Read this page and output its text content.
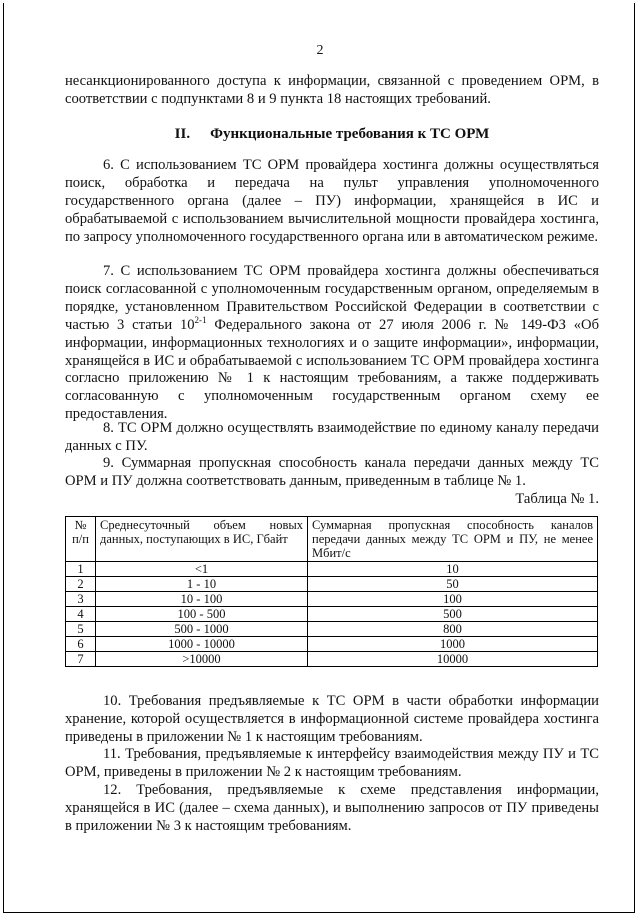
2
несанкционированного доступа к информации, связанной с проведением ОРМ, в соответствии с подпунктами 8 и 9 пункта 18 настоящих требований.
II. Функциональные требования к ТС ОРМ
6. С использованием ТС ОРМ провайдера хостинга должны осуществляться поиск, обработка и передача на пульт управления уполномоченного государственного органа (далее – ПУ) информации, хранящейся в ИС и обрабатываемой с использованием вычислительной мощности провайдера хостинга, по запросу уполномоченного государственного органа или в автоматическом режиме.
7. С использованием ТС ОРМ провайдера хостинга должны обеспечиваться поиск согласованной с уполномоченным государственным органом, определяемым в порядке, установленном Правительством Российской Федерации в соответствии с частью 3 статьи 10$^{2-1}$ Федерального закона от 27 июля 2006 г. № 149-ФЗ «Об информации, информационных технологиях и о защите информации», информации, хранящейся в ИС и обрабатываемой с использованием ТС ОРМ провайдера хостинга согласно приложению № 1 к настоящим требованиям, а также поддерживать согласованную с уполномоченным государственным органом схему ее предоставления.
8. ТС ОРМ должно осуществлять взаимодействие по единому каналу передачи данных с ПУ.
9. Суммарная пропускная способность канала передачи данных между ТС ОРМ и ПУ должна соответствовать данным, приведенным в таблице № 1.
Таблица № 1.
№ п/п	Среднесуточный объем новых данных, поступающих в ИС, Гбайт	Суммарная пропускная способность каналов передачи данных между ТС ОРМ и ПУ, не менее Мбит/с
1	<1	10
2	1 - 10	50
3	10 - 100	100
4	100 - 500	500
5	500 - 1000	800
6	1000 - 10000	1000
7	>10000	10000
10. Требования предъявляемые к ТС ОРМ в части обработки информации хранение, которой осуществляется в информационной системе провайдера хостинга приведены в приложении № 1 к настоящим требованиям.
11. Требования, предъявляемые к интерфейсу взаимодействия между ПУ и ТС ОРМ, приведены в приложении № 2 к настоящим требованиям.
12. Требования, предъявляемые к схеме представления информации, хранящейся в ИС (далее – схема данных), и выполнению запросов от ПУ приведены в приложении № 3 к настоящим требованиям.
